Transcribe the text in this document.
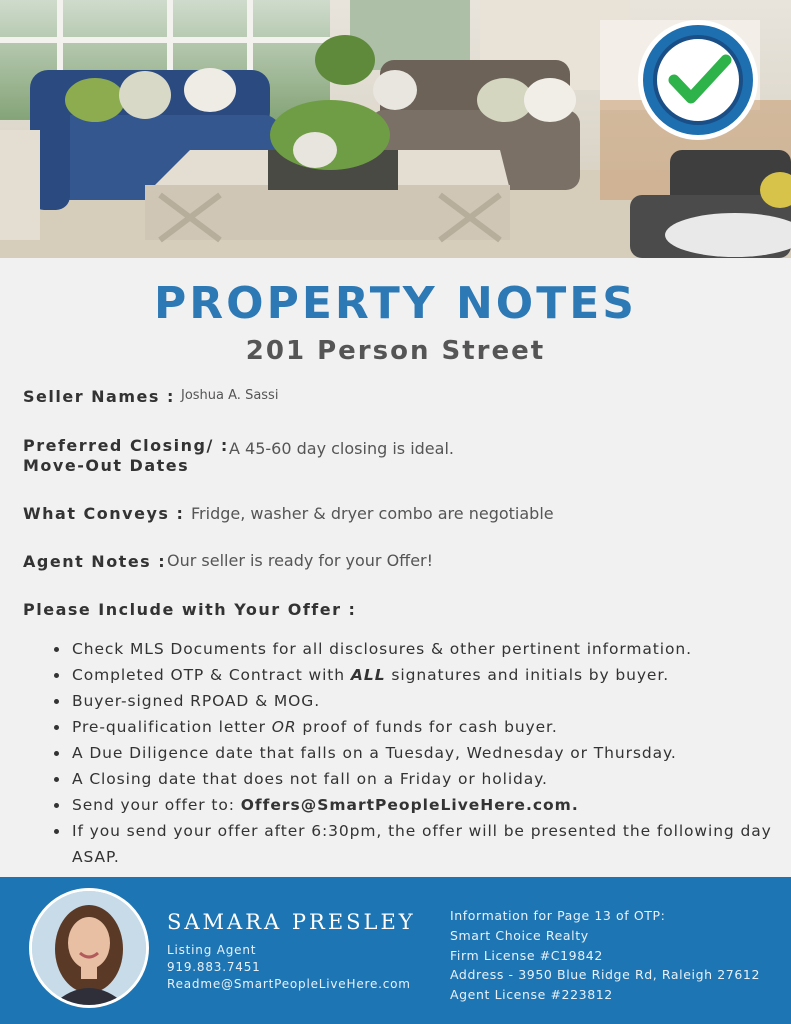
PROPERTY NOTES
201 Person Street
Seller Names : Joshua A. Sassi
Preferred Closing/ :
Move-Out Dates
A 45-60 day closing is ideal.
What Conveys : Fridge, washer & dryer combo are negotiable
Agent Notes : Our seller is ready for your Offer!
Please Include with Your Offer :
• Check MLS Documents for all disclosures & other pertinent information.
• Completed OTP & Contract with ALL signatures and initials by buyer.
• Buyer-signed RPOAD & MOG.
• Pre-qualification letter OR proof of funds for cash buyer.
• A Due Diligence date that falls on a Tuesday, Wednesday or Thursday.
• A Closing date that does not fall on a Friday or holiday.
• Send your offer to: Offers@SmartPeopleLiveHere.com.
• If you send your offer after 6:30pm, the offer will be presented the following day ASAP.
SAMARA PRESLEY
Listing Agent
919.883.7451
Readme@SmartPeopleLiveHere.com
Information for Page 13 of OTP:
Smart Choice Realty
Firm License #C19842
Address - 3950 Blue Ridge Rd, Raleigh 27612
Agent License #223812
